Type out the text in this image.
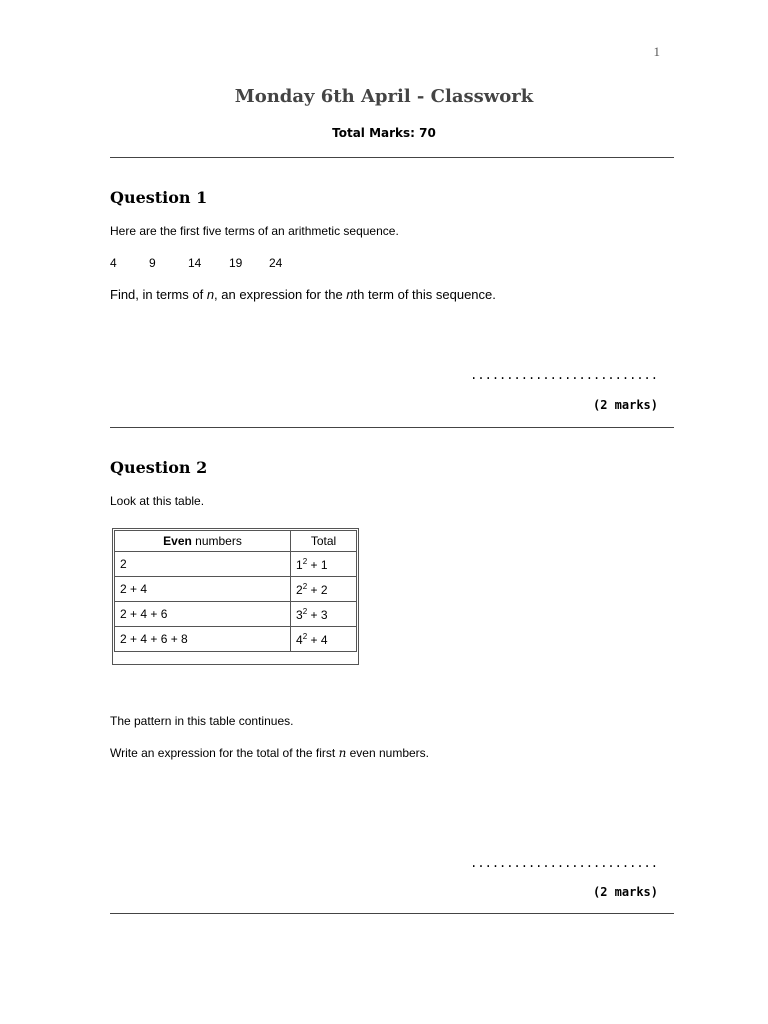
1
Monday 6th April - Classwork
Total Marks: 70
Question 1
Here are the first five terms of an arithmetic sequence.
4	9	14 19 24
Find, in terms of n, an expression for the nth term of this sequence.
..........................
(2 marks)
Question 2
Look at this table.
Even numbers	Total
2	$1^2 + 1$
2 + 4	$2^2 + 2$
2 + 4 + 6	$3^2 + 3$
2 + 4 + 6 + 8	$4^2 + 4$
The pattern in this table continues.
Write an expression for the total of the first n even numbers.
..........................
(2 marks)
